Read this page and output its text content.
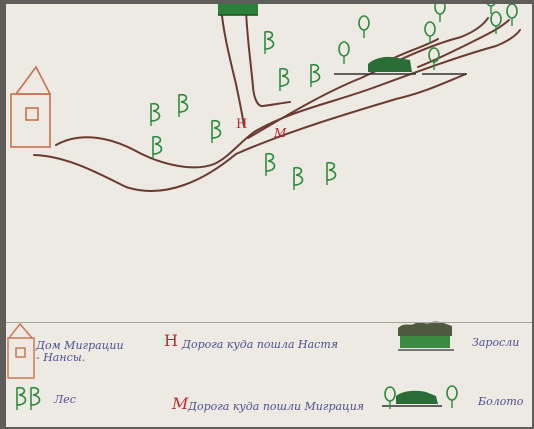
Н
М
Дом Миграции
- Нансы.
Н Дорога куда пошла Настя	Заросли
Лес	М Дорога куда пошли Миграция	Болото
